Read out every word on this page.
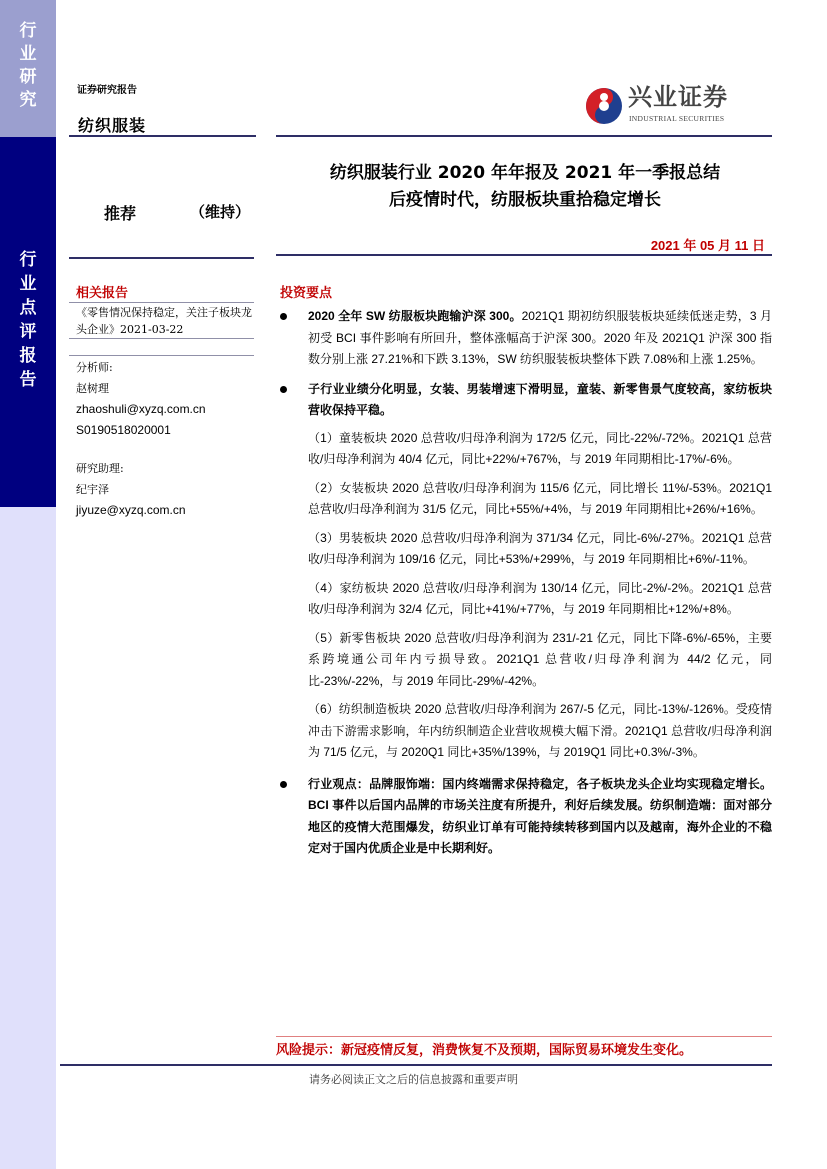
行
业
研
究
行
业
点
评
报
告
证券研究报告
纺织服装
兴业证券
INDUSTRIAL SECURITIES
推荐	（维持）
纺织服装行业 2020 年年报及 2021 年一季报总结
后疫情时代，纺服板块重拾稳定增长
2021 年 05 月 11 日
相关报告
《零售情况保持稳定，关注子板块龙头企业》2021-03-22
分析师:
赵树理
zhaoshuli@xyzq.com.cn
S0190518020001
研究助理:
纪宇泽
jiyuze@xyzq.com.cn
投资要点
2020 全年 SW 纺服板块跑输沪深 300。2021Q1 期初纺织服装板块延续低迷走势，3 月初受 BCI 事件影响有所回升，整体涨幅高于沪深 300。2020 年及 2021Q1 沪深 300 指数分别上涨 27.21%和下跌 3.13%，SW 纺织服装板块整体下跌 7.08%和上涨 1.25%。
子行业业绩分化明显，女装、男装增速下滑明显，童装、新零售景气度较高，家纺板块营收保持平稳。
（1）童装板块 2020 总营收/归母净利润为 172/5 亿元，同比-22%/-72%。2021Q1 总营收/归母净利润为 40/4 亿元，同比+22%/+767%，与 2019 年同期相比-17%/-6%。
（2）女装板块 2020 总营收/归母净利润为 115/6 亿元，同比增长 11%/-53%。2021Q1 总营收/归母净利润为 31/5 亿元，同比+55%/+4%，与 2019 年同期相比+26%/+16%。
（3）男装板块 2020 总营收/归母净利润为 371/34 亿元，同比-6%/-27%。2021Q1 总营收/归母净利润为 109/16 亿元，同比+53%/+299%，与 2019 年同期相比+6%/-11%。
（4）家纺板块 2020 总营收/归母净利润为 130/14 亿元，同比-2%/-2%。2021Q1 总营收/归母净利润为 32/4 亿元，同比+41%/+77%，与 2019 年同期相比+12%/+8%。
（5）新零售板块 2020 总营收/归母净利润为 231/-21 亿元，同比下降-6%/-65%，主要系跨境通公司年内亏损导致。2021Q1 总营收/归母净利润为 44/2 亿元，同比-23%/-22%，与 2019 年同比-29%/-42%。
（6）纺织制造板块 2020 总营收/归母净利润为 267/-5 亿元，同比-13%/-126%。受疫情冲击下游需求影响，年内纺织制造企业营收规模大幅下滑。2021Q1 总营收/归母净利润为 71/5 亿元，与 2020Q1 同比+35%/139%，与 2019Q1 同比+0.3%/-3%。
行业观点：品牌服饰端：国内终端需求保持稳定，各子板块龙头企业均实现稳定增长。BCI 事件以后国内品牌的市场关注度有所提升，利好后续发展。纺织制造端：面对部分地区的疫情大范围爆发，纺织业订单有可能持续转移到国内以及越南，海外企业的不稳定对于国内优质企业是中长期利好。
风险提示：新冠疫情反复，消费恢复不及预期，国际贸易环境发生变化。
请务必阅读正文之后的信息披露和重要声明
